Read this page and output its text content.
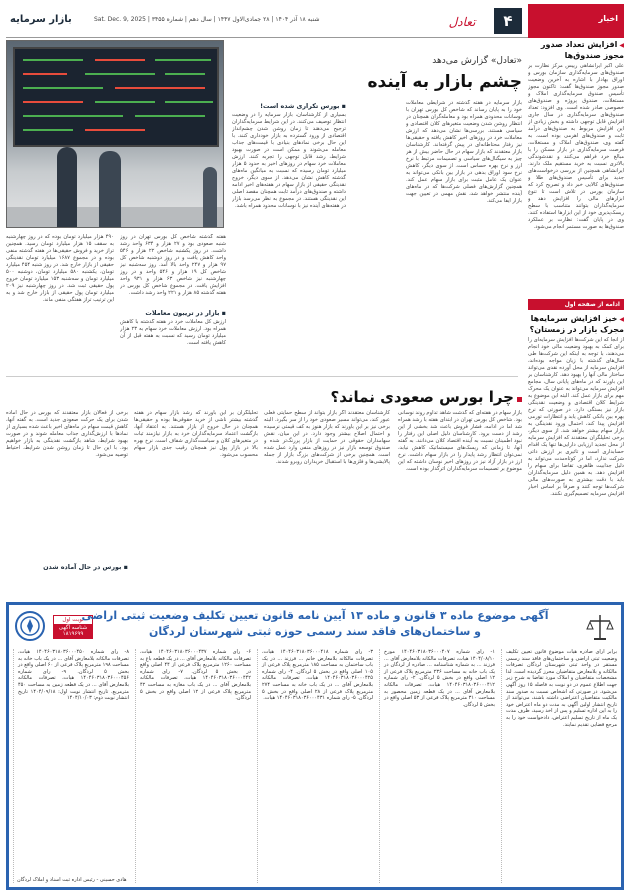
اخبار
۴
تعادل
شنبه ۱۸ آذر ۱۴۰۴ | ۲۸ جمادی‌الاول ۱۴۴۷ | سال دهم | شماره ۳۴۵۵ | Sat. Dec. 9, 2025
بازار سرمایه
◀ افزایش تعداد صدور مجوز صندوق‌ها
علی اکبر ایرانشاهی رییس مرکز نظارت بر صندوق‌های سرمایه‌گذاری سازمان بورس و اوراق بهادار با اشاره به آخرین وضعیت صدور مجوز صندوق‌ها گفت: تاکنون مجوز تأسیس صندوق سرمایه‌گذاری املاک و مستغلات، صندوق پروژه و صندوق‌های خصوصی صادر شده است. وی افزود: تعداد صندوق‌های سرمایه‌گذاری در سال جاری افزایش قابل توجهی داشته و بخش زیادی از این افزایش مربوط به صندوق‌های درآمد ثابت و صندوق‌های اهرمی بوده است. به گفته وی، صندوق‌های املاک و مستغلات، فرصت سرمایه‌گذاری در بازار مسکن را با مبالغ خرد فراهم می‌کنند و نقدشوندگی بالاتری نسبت به خرید مستقیم ملک دارند. ایرانشاهی همچنین از بررسی درخواست‌های جدید برای تأسیس صندوق‌های طلا و صندوق‌های کالایی خبر داد و تصریح کرد که سازمان بورس در تلاش است تا تنوع ابزارهای مالی را افزایش دهد و سرمایه‌گذاران بتوانند متناسب با سطح ریسک‌پذیری خود از این ابزارها استفاده کنند. وی در پایان گفت: نظارت بر عملکرد صندوق‌ها به صورت مستمر انجام می‌شود.
ادامه از صفحه اول
◀ خیز افزایش سرمایه‌ها مجرک بازار در زمستان؟
از آنجا که این شرکت‌ها افزایش سرمایه‌ای را برای کمک به بهبود وضعیت مالی خود انجام می‌دهند، با توجه به اینکه این شرکت‌ها طی سال‌های گذشته با زیان مواجه بوده‌اند، افزایش سرمایه از محل آورده نقدی می‌تواند ساختار مالی آنها را بهبود دهد. کارشناسان بر این باورند که در ماه‌های پایانی سال، مجامع افزایش سرمایه می‌تواند به عنوان یک محرک مهم برای بازار عمل کند. البته این موضوع به شرایط کلان اقتصادی و وضعیت نقدینگی بازار نیز بستگی دارد. در صورتی که نرخ بهره بین بانکی کاهش یابد و انتظارات تورمی افزایش پیدا کند، احتمال ورود نقدینگی به بازار سهام بیشتر خواهد شد. از سوی دیگر، برخی تحلیلگران معتقدند که افزایش سرمایه از محل تجدید ارزیابی دارایی‌ها تنها یک اقدام حسابداری است و تاثیری بر ارزش ذاتی شرکت ندارد، اما در کوتاه‌مدت می‌تواند به دلیل جذابیت ظاهری، تقاضا برای سهام را افزایش دهد. به همین دلیل سرمایه‌گذاران باید با دقت بیشتری به صورت‌های مالی شرکت‌ها توجه کنند و صرفاً بر اساس اخبار افزایش سرمایه تصمیم‌گیری نکنند.
«تعادل» گزارش می‌دهد
چشم بازار به آینده
بازار سرمایه در هفته گذشته در شرایطی معاملات خود را به پایان رساند که شاخص کل بورس تهران با نوسانات محدودی همراه بود و معامله‌گران همچنان در انتظار روشن شدن وضعیت متغیرهای کلان اقتصادی و سیاسی هستند. بررسی‌ها نشان می‌دهد که ارزش معاملات خرد در روزهای اخیر کاهش یافته و حقیقی‌ها نیز رفتار محتاطانه‌ای در پیش گرفته‌اند. کارشناسان بازار معتقدند که بازار سهام در حال حاضر بیش از هر چیز به سیگنال‌های سیاسی و تصمیمات مرتبط با نرخ ارز و نرخ بهره حساس است. از سوی دیگر، کاهش نرخ سود اوراق بدهی در بازار بین بانکی می‌تواند به عنوان یک عامل مثبت برای بازار سهام عمل کند. همچنین گزارش‌های فصلی شرکت‌ها که در ماه‌های آینده منتشر خواهد شد، نقش مهمی در تعیین جهت بازار ایفا می‌کند.
▪ بورس تکراری شده است!
بسیاری از کارشناسان، بازار سرمایه را در وضعیت انتظار توصیف می‌کنند. در این شرایط سرمایه‌گذاران ترجیح می‌دهند تا زمان روشن شدن چشم‌انداز اقتصادی از ورود گسترده به بازار خودداری کنند. با این حال برخی نمادهای بنیادی با قیمت‌های جذاب معامله می‌شوند و ممکن است در صورت بهبود شرایط، رشد قابل توجهی را تجربه کنند. ارزش معاملات خرد سهام در روزهای اخیر به حدود ۵ هزار میلیارد تومان رسیده که نسبت به میانگین ماه‌های گذشته کاهش نشان می‌دهد. از سوی دیگر، خروج نقدینگی حقیقی از بازار سهام در هفته‌های اخیر ادامه داشته و صندوق‌های درآمد ثابت همچنان مقصد اصلی این نقدینگی هستند. در مجموع به نظر می‌رسد بازار در هفته‌های آینده نیز با نوسانات محدود همراه باشد.
هفته گذشته شاخص کل بورس تهران در روز شنبه صعودی بود و ۲۷ هزار و ۶۳۴ واحد رشد داشت. در روز یکشنبه شاخص ۲۲ هزار و ۵۴۶ واحد کاهش یافت و در روز دوشنبه شاخص کل ۹۷ هزار و ۲۴۷ واحد بالا آمد. روز سه‌شنبه نیز شاخص کل ۱۹ هزار و ۵۴۶ واحد و در روز چهارشنبه نیز شاخص ۶۳ هزار و ۹۳۱ واحد افزایش یافت. در مجموع شاخص کل بورس در هفته گذشته ۸۵ هزار و ۲۲۱ واحد رشد داشت.
▪ بازار در تریبون معاملات
ارزش کل معاملات خرد در هفته گذشته با کاهش همراه بود. ارزش معاملات خرد سهام به ۲۳ هزار میلیارد تومان رسید که نسبت به هفته قبل از آن کاهش یافته است.
۴۹۰ هزار میلیارد تومان بوده که در روز چهارشنبه به سقف ۱۵ هزار میلیارد تومان رسید. همچنین تراز خرید و فروش حقیقی‌ها در هفته گذشته منفی بوده و در مجموع ۱۶۸۷ میلیارد تومان نقدینگی حقیقی از بازار خارج شد. در روز شنبه ۴۵۴ میلیارد تومان، یکشنبه ۵۸۰ میلیارد تومان، دوشنبه ۵۰۰ میلیارد تومان و سه‌شنبه ۱۵۳ میلیارد تومان خروج پول حقیقی ثبت شد. در روز چهارشنبه نیز ۲۰۹ میلیارد تومان پول حقیقی از بازار خارج شد و به این ترتیب تراز هفتگی منفی ماند.
چرا بورس صعودی نماند؟
بازار سهام در هفته‌ای که گذشت شاهد تداوم روند نوسانی بود. شاخص کل بورس تهران در ابتدای هفته با رشد همراه شد اما در ادامه، فشار فروش باعث شد بخشی از این رشد از دست برود. کارشناسان دلیل اصلی این رفتار را نبود اطمینان نسبت به آینده اقتصاد کلان می‌دانند. به گفته آنها، تا زمانی که ریسک‌های سیستماتیک کاهش نیابد، نمی‌توان انتظار رشد پایدار را در بازار سهام داشت. نرخ ارز در بازار آزاد نیز در روزهای اخیر نوسان داشته که این موضوع بر تصمیمات سرمایه‌گذاران اثرگذار بوده است.
کارشناسان معتقدند اگر بازار بتواند از سطح حمایتی فعلی عبور کند، می‌تواند مسیر صعودی خود را از سر بگیرد. البته برخی نیز بر این باورند که بازار هنوز به کف قیمتی نرسیده و احتمال اصلاح بیشتر وجود دارد. در این میان، نقش سهامداران حقوقی در حمایت از بازار پررنگ‌تر شده و صندوق توسعه بازار نیز در روزهای منفی وارد عمل شده است. همچنین برخی از شرکت‌های بزرگ بازار از جمله پالایشی‌ها و فلزی‌ها با استقبال خریداران روبرو شدند.
تحلیلگران بر این باورند که رشد بازار سهام در هفته گذشته بیشتر ناشی از خرید حقوقی‌ها بوده و حقیقی‌ها همچنان در حال خروج از بازار هستند. به اعتقاد آنها، بازگشت اعتماد سرمایه‌گذاران خرد به بازار نیازمند ثبات در متغیرهای کلان و سیاست‌گذاری شفاف است. نرخ بهره بالا در بازار پول نیز همچنان رقیب جدی بازار سهام محسوب می‌شود.
برخی از فعالان بازار معتقدند که بورس در حال آماده شدن برای یک حرکت صعودی جدید است. به گفته آنها، کاهش قیمت سهام در ماه‌های اخیر باعث شده بسیاری از نمادها با ارزش‌گذاری جذاب معامله شوند و در صورت بهبود شرایط، شاهد بازگشت نقدینگی به بازار خواهیم بود. با این حال تا زمان روشن شدن شرایط، احتیاط توصیه می‌شود.
▪ بورس در حال آماده شدن
نوبت اول
شناسه آگهی ۱۸۱۹۶۹۹
آگهی موضوع ماده ۳ قانون و ماده ۱۳ آیین نامه قانون تعیین تکلیف وضعیت ثبتی اراضی
و ساختمان‌های فاقد سند رسمی حوزه ثبتی شهرستان لردگان
برابر آرای صادره هیات موضوع قانون تعیین تکلیف وضعیت ثبتی اراضی و ساختمان‌های فاقد سند رسمی مستقر در واحد ثبتی شهرستان لردگان تصرفات مالکانه و بلامعارض متقاضیان محرز گردیده است. لذا مشخصات متقاضیان و املاک مورد تقاضا به شرح زیر جهت اطلاع عموم در دو نوبت به فاصله ۱۵ روز آگهی می‌شود. در صورتی که اشخاص نسبت به صدور سند مالکیت متقاضیان اعتراضی داشته باشند، می‌توانند از تاریخ انتشار اولین آگهی به مدت دو ماه اعتراض خود را به این اداره تسلیم و پس از اخذ رسید، ظرف مدت یک ماه از تاریخ تسلیم اعتراض، دادخواست خود را به مرجع قضایی تقدیم نمایند.
۱- رای شماره ۱۴۰۴۶۰۳۱۸۰۳۶۰۰۰۴۰۷ مورخ ۱۴۰۴/۰۸/۱۰ هیات، تصرفات مالکانه بلامعارض آقای ... فرزند ... به شماره شناسنامه ... صادره از لردگان در یک باب خانه به مساحت ۲۳۶ مترمربع پلاک فرعی از ۱۲ اصلی واقع در بخش ۵ لردگان. ۲- رای شماره ۱۴۰۴۶۰۳۱۸۰۳۶۰۰۰۴۱۲ هیات، تصرفات مالکانه بلامعارض آقای ... در یک قطعه زمین محصور به مساحت ۳۱۰ مترمربع پلاک فرعی از ۵۳ اصلی واقع در بخش ۵ لردگان.
۳- رای شماره ۱۴۰۴۶۰۳۱۸۰۳۶۰۰۰۴۱۸ هیات، تصرفات مالکانه بلامعارض خانم ... فرزند ... در یک باب ساختمان به مساحت ۱۸۵ مترمربع پلاک فرعی از ۱۰۵ اصلی واقع در بخش ۵ لردگان. ۴- رای شماره ۱۴۰۴۶۰۳۱۸۰۳۶۰۰۰۴۲۵ هیات، تصرفات مالکانه بلامعارض آقای ... در یک باب خانه به مساحت ۲۷۴ مترمربع پلاک فرعی از ۲۸ اصلی واقع در بخش ۵ لردگان. ۵- رای شماره ۱۴۰۴۶۰۳۱۸۰۳۶۰۰۰۴۳۱ هیات.
۶- رای شماره ۱۴۰۴۶۰۳۱۸۰۳۶۰۰۰۴۳۷ هیات، تصرفات مالکانه بلامعارض آقای ... در یک قطعه باغ به مساحت ۱۲۶۰ مترمربع پلاک فرعی از ۴۴ اصلی واقع در بخش ۵ لردگان. ۷- رای شماره ۱۴۰۴۶۰۳۱۸۰۳۶۰۰۰۴۴۲ هیات، تصرفات مالکانه بلامعارض آقای ... در یک باب مغازه به مساحت ۴۲ مترمربع پلاک فرعی از ۱۲ اصلی واقع در بخش ۵ لردگان.
۸- رای شماره ۱۴۰۴۶۰۳۱۸۰۳۶۰۰۰۴۵۰ هیات، تصرفات مالکانه بلامعارض آقای ... در یک باب خانه به مساحت ۱۹۸ مترمربع پلاک فرعی از ۶۰ اصلی واقع در بخش ۵ لردگان. ۹- رای شماره ۱۴۰۴۶۰۳۱۸۰۳۶۰۰۰۴۵۶ هیات، تصرفات مالکانه بلامعارض آقای ... در یک قطعه زمین به مساحت ۴۵۰ مترمربع. تاریخ انتشار نوبت اول: ۱۴۰۴/۰۹/۱۸ تاریخ انتشار نوبت دوم: ۱۴۰۴/۱۰/۰۳
هادی حسینی - رئیس اداره ثبت اسناد و املاک لردگان
